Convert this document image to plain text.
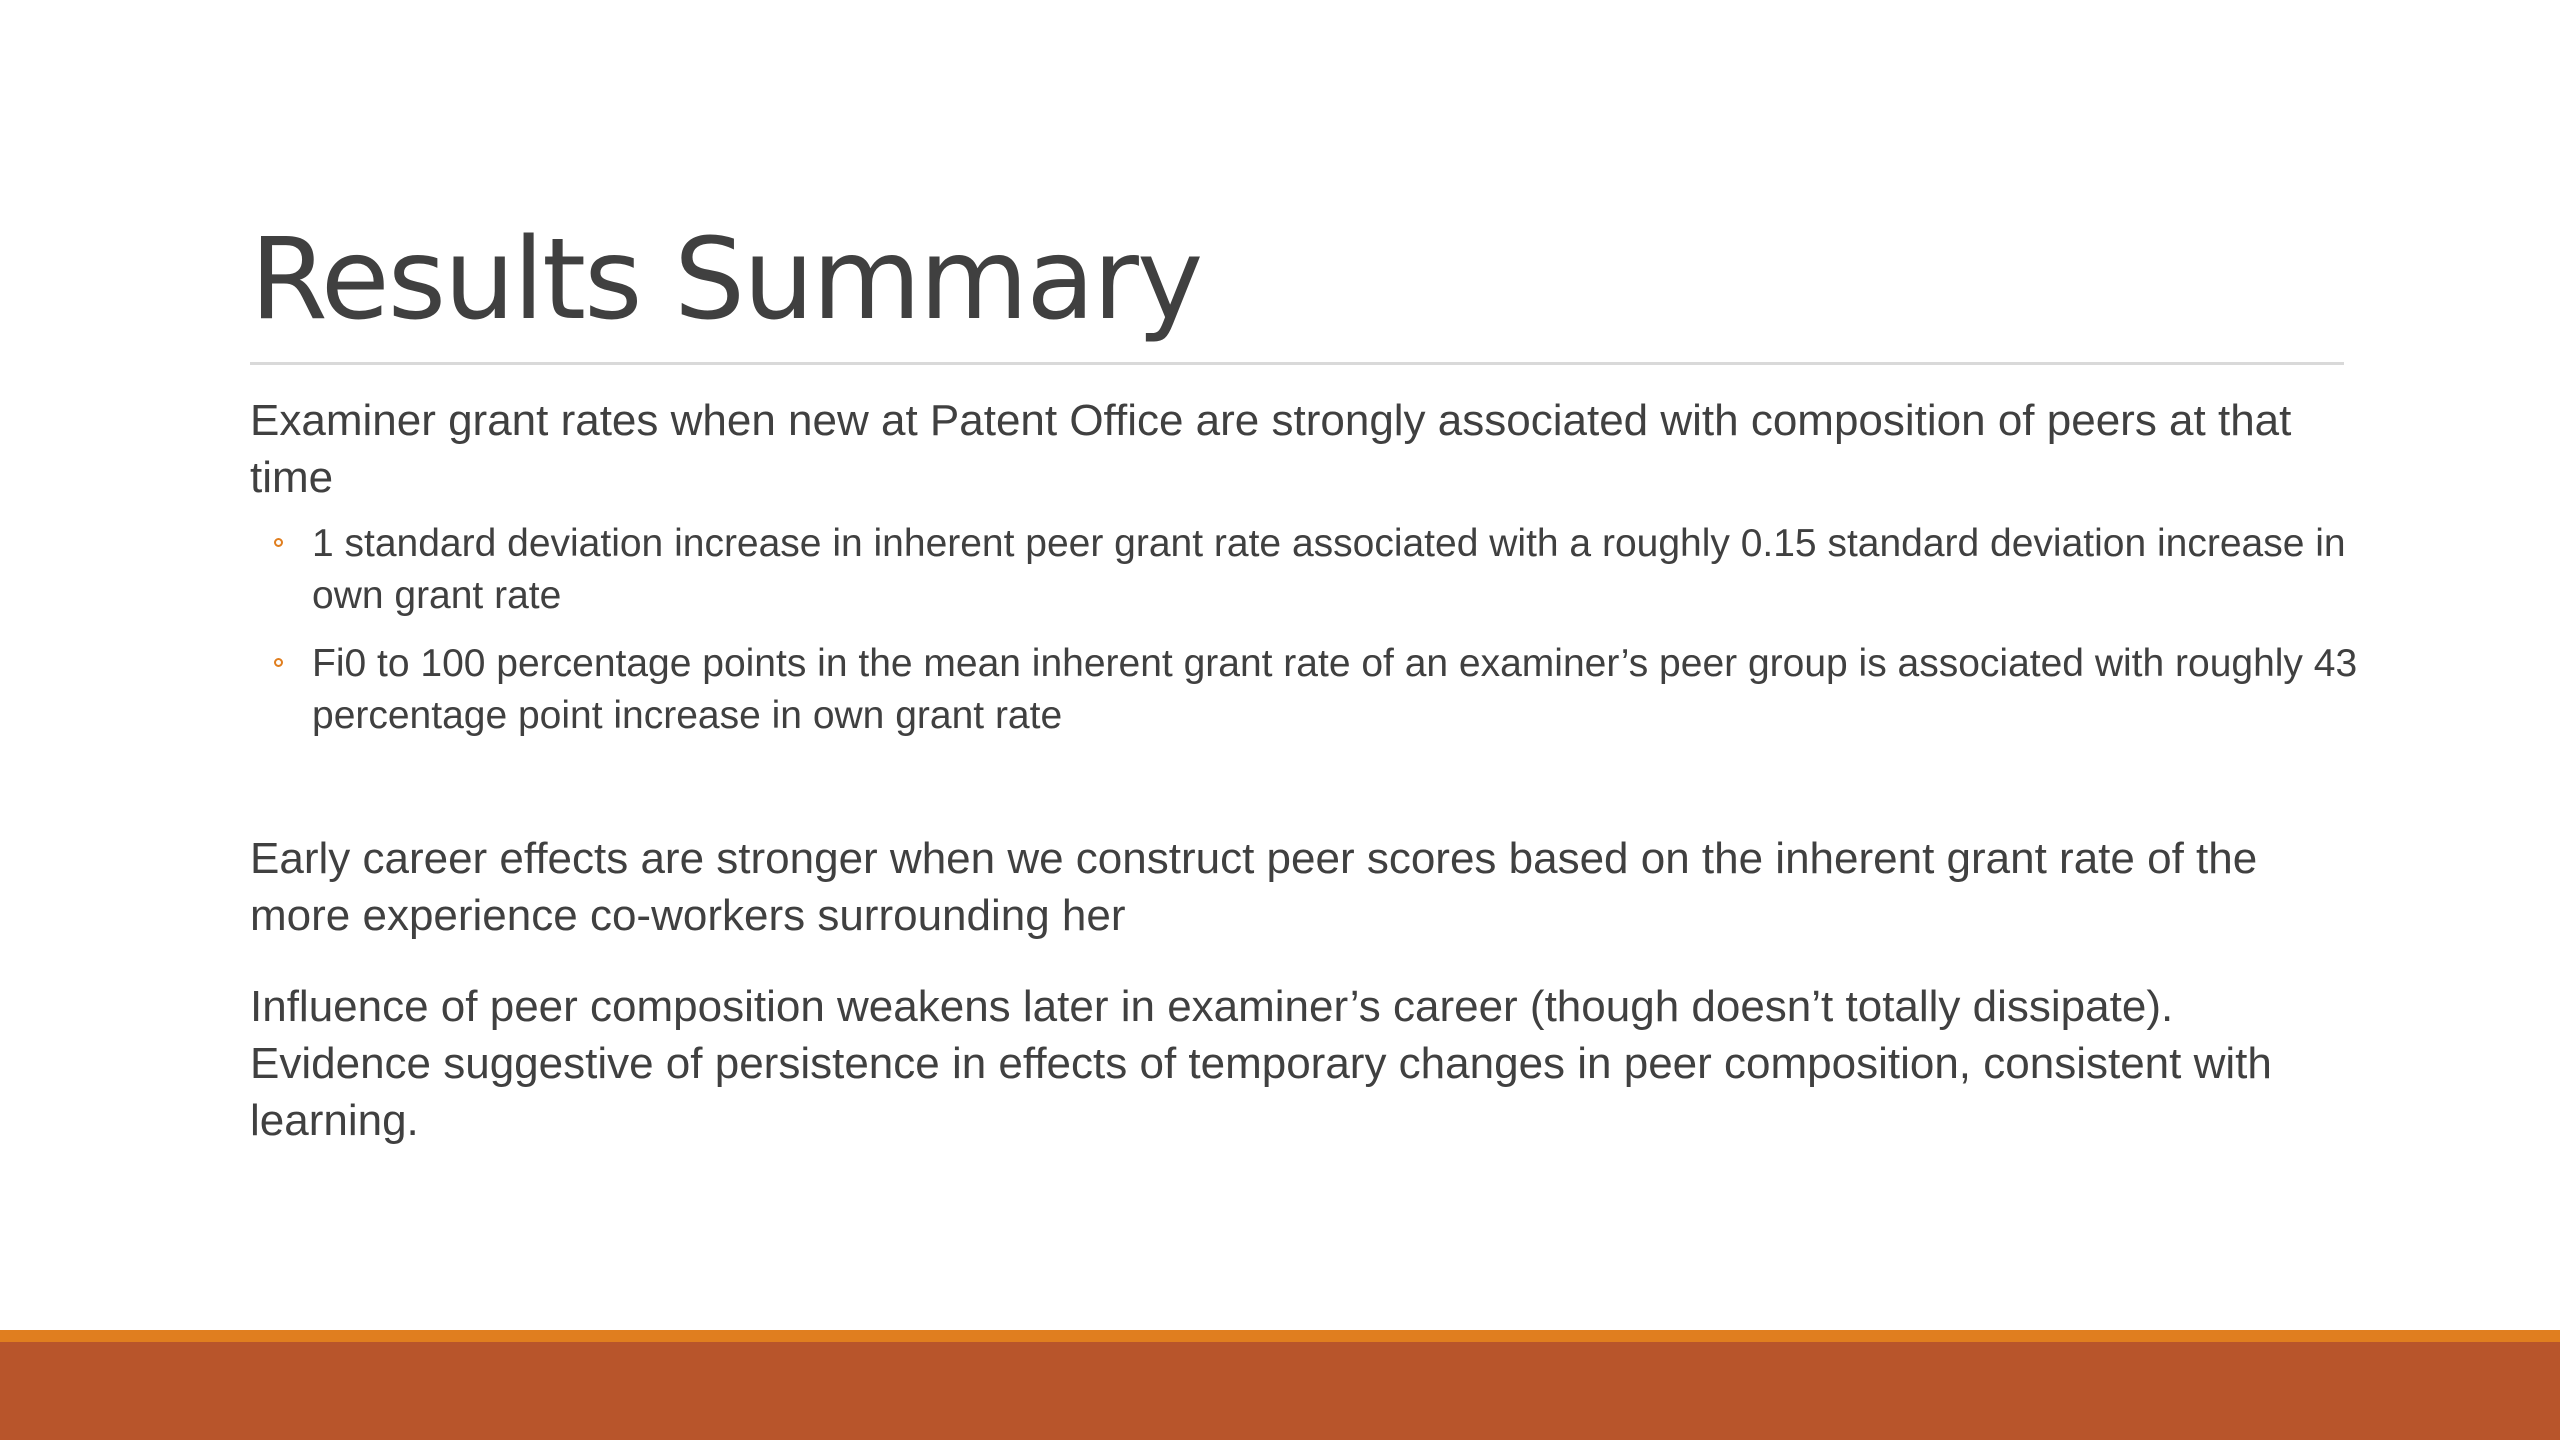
Results Summary

Examiner grant rates when new at Patent Office are strongly associated with composition of peers at that time

1 standard deviation increase in inherent peer grant rate associated with a roughly 0.15 standard deviation increase in own grant rate
Fi0 to 100 percentage points in the mean inherent grant rate of an examiner’s peer group is associated with roughly 43 percentage point increase in own grant rate

Early career effects are stronger when we construct peer scores based on the inherent grant rate of the more experience co-workers surrounding her

Influence of peer composition weakens later in examiner’s career (though doesn’t totally dissipate). Evidence suggestive of persistence in effects of temporary changes in peer composition, consistent with learning.
